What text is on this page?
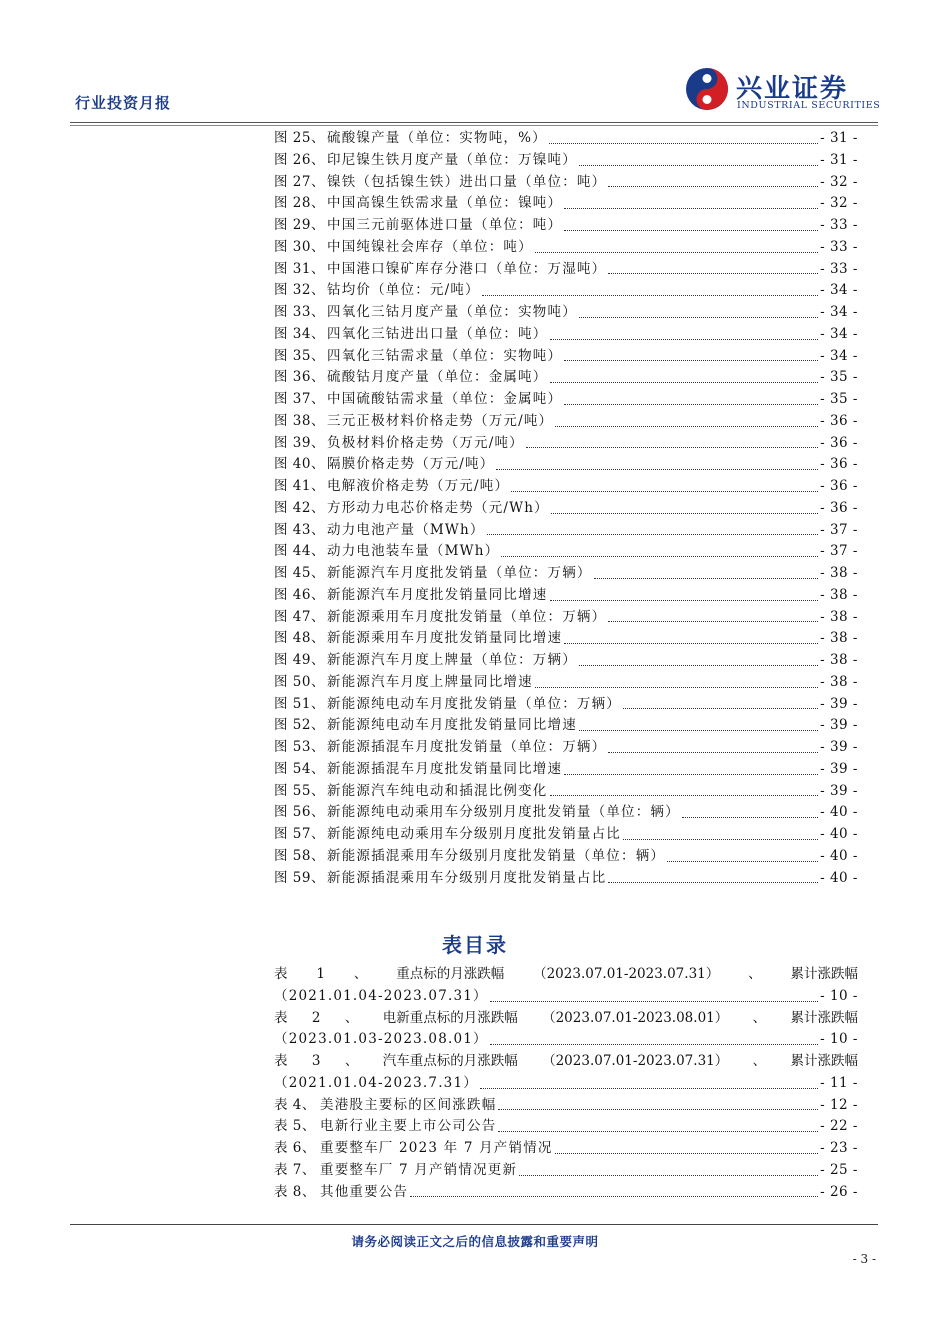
行业投资月报	兴业证券
INDUSTRIAL SECURITIES
图 25、 硫酸镍产量（单位：实物吨，%）	- 31 -
图 26、 印尼镍生铁月度产量（单位：万镍吨）	- 31 -
图 27、 镍铁（包括镍生铁）进出口量（单位：吨）	- 32 -
图 28、 中国高镍生铁需求量（单位：镍吨）	- 32 -
图 29、 中国三元前驱体进口量（单位：吨）	- 33 -
图 30、 中国纯镍社会库存（单位：吨）	- 33 -
图 31、 中国港口镍矿库存分港口（单位：万湿吨）	- 33 -
图 32、 钴均价（单位：元/吨）	- 34 -
图 33、 四氧化三钴月度产量（单位：实物吨）	- 34 -
图 34、 四氧化三钴进出口量（单位：吨）	- 34 -
图 35、 四氧化三钴需求量（单位：实物吨）	- 34 -
图 36、 硫酸钴月度产量（单位：金属吨）	- 35 -
图 37、 中国硫酸钴需求量（单位：金属吨）	- 35 -
图 38、 三元正极材料价格走势（万元/吨）	- 36 -
图 39、 负极材料价格走势（万元/吨）	- 36 -
图 40、 隔膜价格走势（万元/吨）	- 36 -
图 41、 电解液价格走势（万元/吨）	- 36 -
图 42、 方形动力电芯价格走势（元/Wh）	- 36 -
图 43、 动力电池产量（MWh）	- 37 -
图 44、 动力电池装车量（MWh）	- 37 -
图 45、 新能源汽车月度批发销量（单位：万辆）	- 38 -
图 46、 新能源汽车月度批发销量同比增速	- 38 -
图 47、 新能源乘用车月度批发销量（单位：万辆）	- 38 -
图 48、 新能源乘用车月度批发销量同比增速	- 38 -
图 49、 新能源汽车月度上牌量（单位：万辆）	- 38 -
图 50、 新能源汽车月度上牌量同比增速	- 38 -
图 51、 新能源纯电动车月度批发销量（单位：万辆）	- 39 -
图 52、 新能源纯电动车月度批发销量同比增速	- 39 -
图 53、 新能源插混车月度批发销量（单位：万辆）	- 39 -
图 54、 新能源插混车月度批发销量同比增速	- 39 -
图 55、 新能源汽车纯电动和插混比例变化	- 39 -
图 56、 新能源纯电动乘用车分级别月度批发销量（单位：辆）	- 40 -
图 57、 新能源纯电动乘用车分级别月度批发销量占比	- 40 -
图 58、 新能源插混乘用车分级别月度批发销量（单位：辆）	- 40 -
图 59、 新能源插混乘用车分级别月度批发销量占比	- 40 -
表目录
表 1 、 重点标的月涨跌幅 （2023.07.01-2023.07.31） 、 累计涨跌幅
（2021.01.04-2023.07.31）	- 10 -
表 2 、 电新重点标的月涨跌幅 （2023.07.01-2023.08.01） 、 累计涨跌幅
（2023.01.03-2023.08.01）	- 10 -
表 3 、 汽车重点标的月涨跌幅 （2023.07.01-2023.07.31） 、 累计涨跌幅
（2021.01.04-2023.7.31）	- 11 -
表 4、 美港股主要标的区间涨跌幅	- 12 -
表 5、 电新行业主要上市公司公告	- 22 -
表 6、 重要整车厂 2023 年 7 月产销情况	- 23 -
表 7、 重要整车厂 7 月产销情况更新	- 25 -
表 8、 其他重要公告	- 26 -
请务必阅读正文之后的信息披露和重要声明
- 3 -
